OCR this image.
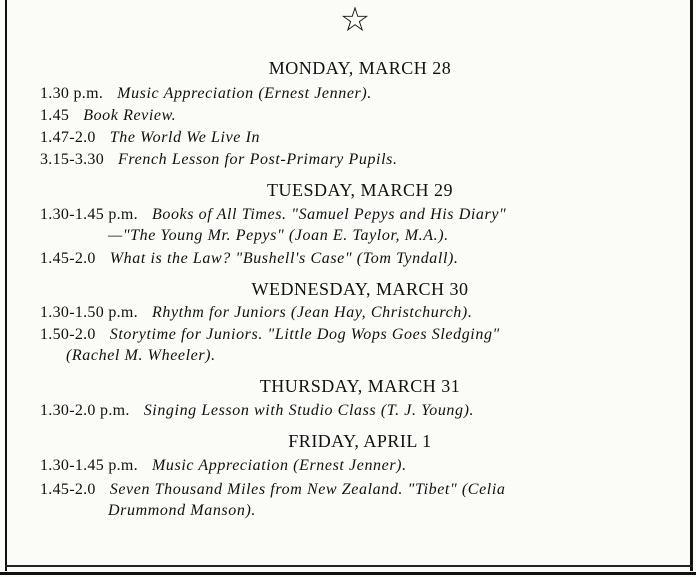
☆
MONDAY, MARCH 28
1.30 p.m. Music Appreciation (Ernest Jenner).
1.45 Book Review.
1.47-2.0 The World We Live In
3.15-3.30 French Lesson for Post-Primary Pupils.
TUESDAY, MARCH 29
1.30-1.45 p.m. Books of All Times. "Samuel Pepys and His Diary"
—"The Young Mr. Pepys" (Joan E. Taylor, M.A.).
1.45-2.0 What is the Law? "Bushell's Case" (Tom Tyndall).
WEDNESDAY, MARCH 30
1.30-1.50 p.m. Rhythm for Juniors (Jean Hay, Christchurch).
1.50-2.0 Storytime for Juniors. "Little Dog Wops Goes Sledging"
(Rachel M. Wheeler).
THURSDAY, MARCH 31
1.30-2.0 p.m. Singing Lesson with Studio Class (T. J. Young).
FRIDAY, APRIL 1
1.30-1.45 p.m. Music Appreciation (Ernest Jenner).
1.45-2.0 Seven Thousand Miles from New Zealand. "Tibet" (Celia
Drummond Manson).
